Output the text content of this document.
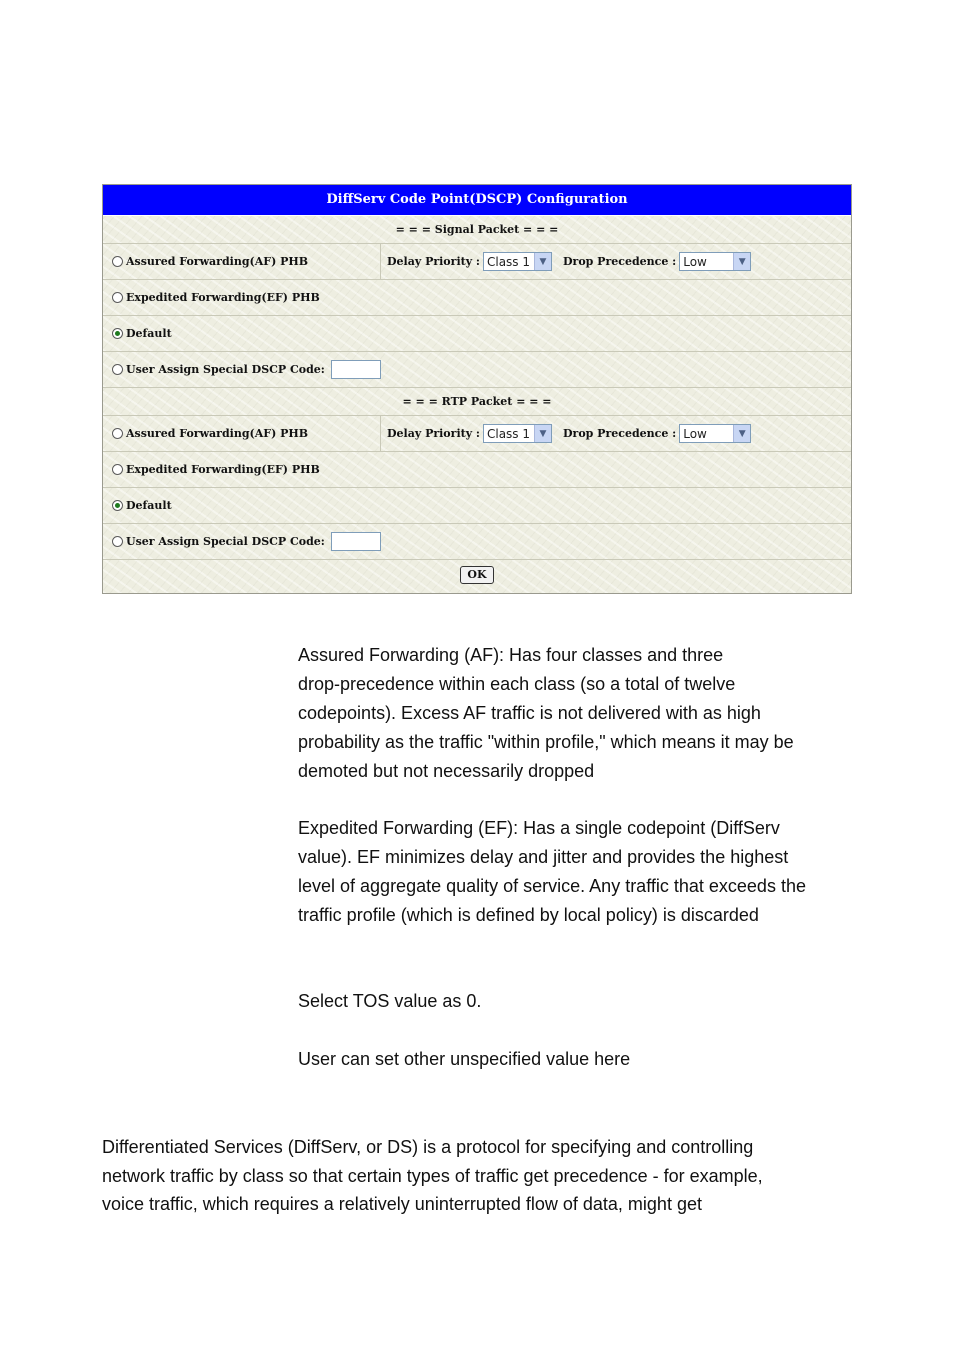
DiffServ Code Point(DSCP) Configuration
= = = Signal Packet = = =
Assured Forwarding(AF) PHB	Delay Priority : Class 1	▼	Drop Precedence : Low	▼
Expedited Forwarding(EF) PHB
Default
User Assign Special DSCP Code:
= = = RTP Packet = = =
Assured Forwarding(AF) PHB	Delay Priority : Class 1	▼	Drop Precedence : Low	▼
Expedited Forwarding(EF) PHB
Default
User Assign Special DSCP Code:
OK
Assured Forwarding (AF): Has four classes and three
drop-precedence within each class (so a total of twelve
codepoints). Excess AF traffic is not delivered with as high
probability as the traffic "within profile," which means it may be
demoted but not necessarily dropped
Expedited Forwarding (EF): Has a single codepoint (DiffServ
value). EF minimizes delay and jitter and provides the highest
level of aggregate quality of service. Any traffic that exceeds the
traffic profile (which is defined by local policy) is discarded
Select TOS value as 0.
User can set other unspecified value here
Differentiated Services (DiffServ, or DS) is a protocol for specifying and controlling
network traffic by class so that certain types of traffic get precedence - for example,
voice traffic, which requires a relatively uninterrupted flow of data, might get
